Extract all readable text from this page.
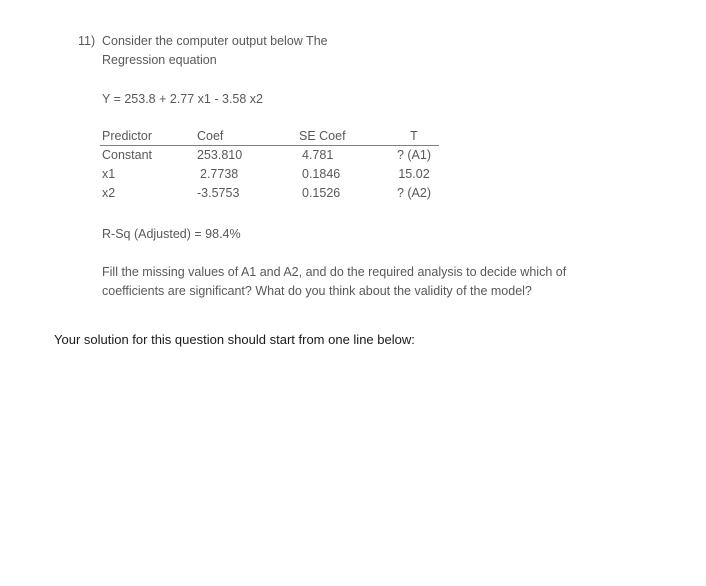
11) Consider the computer output below The Regression equation
Y = 253.8 + 2.77 x1 - 3.58 x2
Predictor	Coef	SE Coef	T
Constant	253.810	4.781	? (A1)
x1	2.7738	0.1846	15.02
x2	-3.5753	0.1526	? (A2)
R-Sq (Adjusted) = 98.4%
Fill the missing values of A1 and A2, and do the required analysis to decide which of coefficients are significant? What do you think about the validity of the model?
Your solution for this question should start from one line below:
